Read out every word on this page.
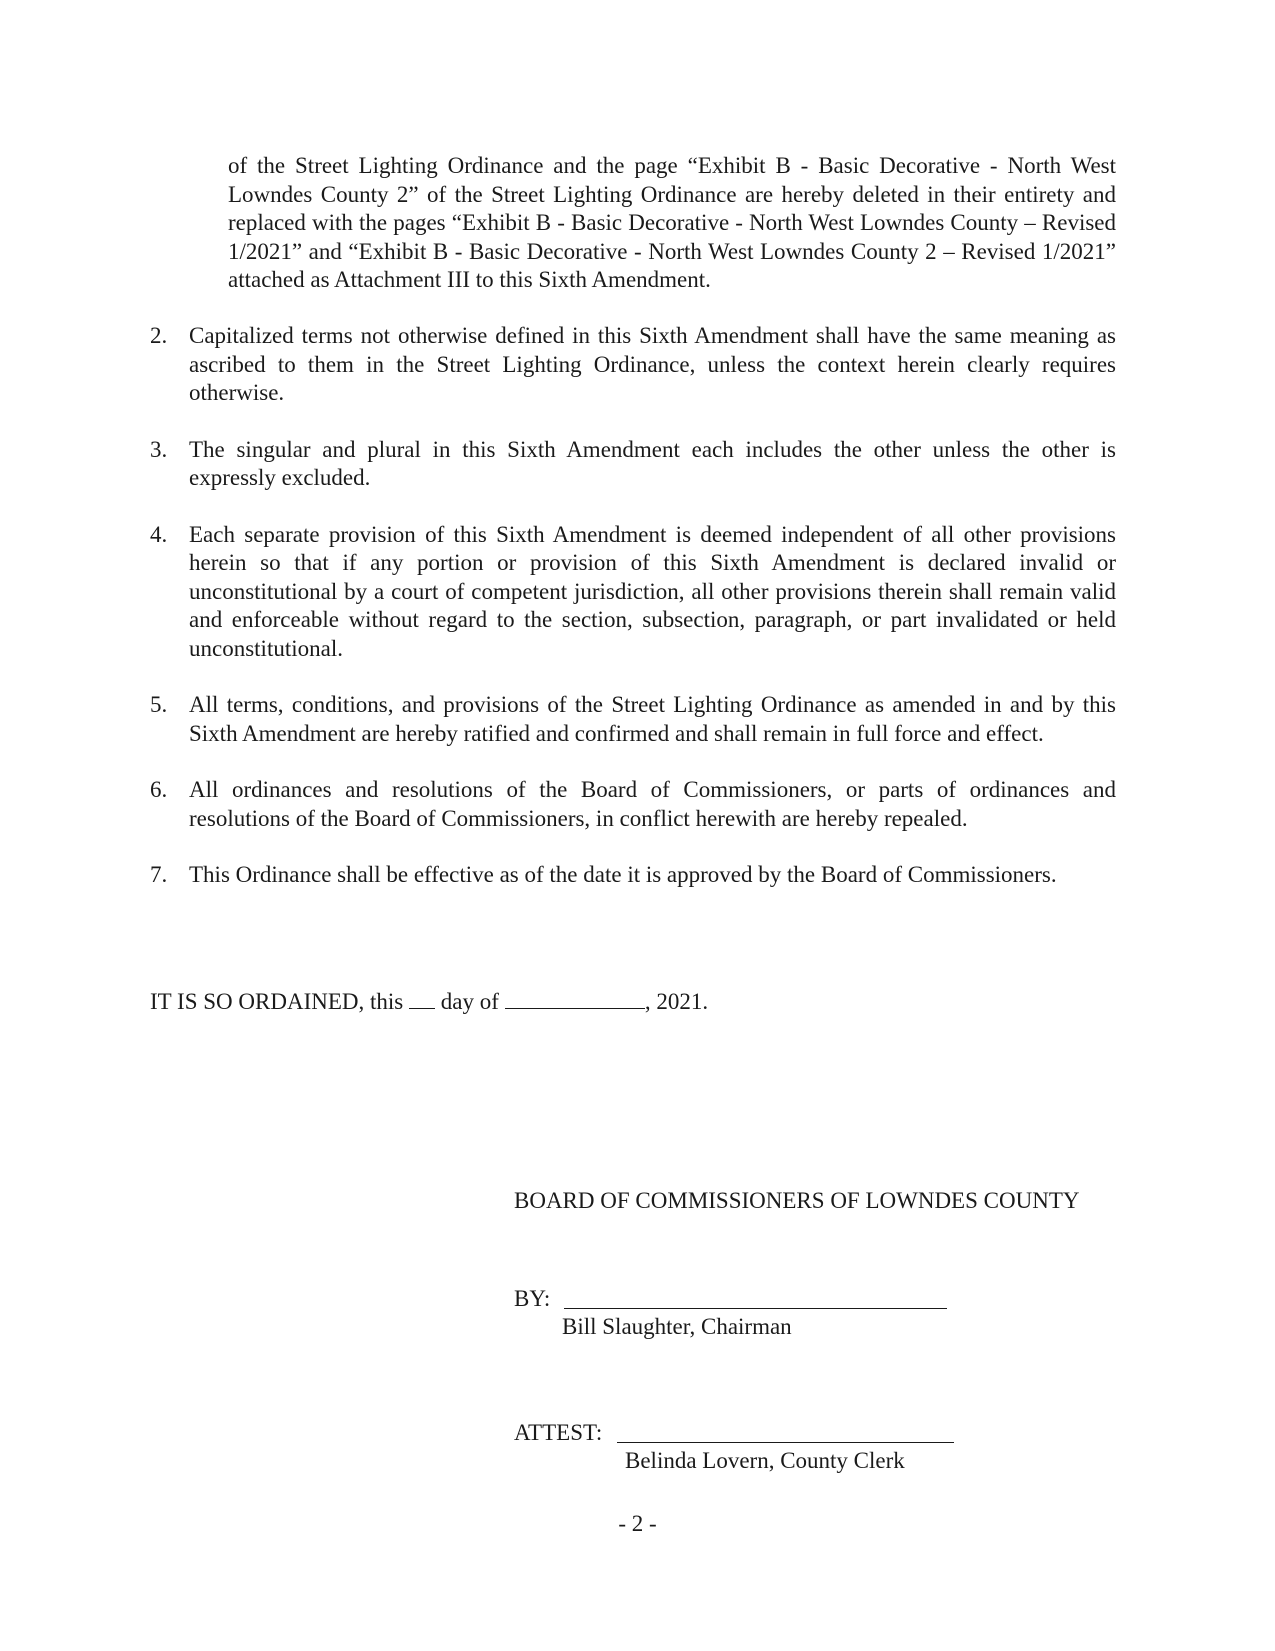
of the Street Lighting Ordinance and the page “Exhibit B - Basic Decorative - North West Lowndes County 2” of the Street Lighting Ordinance are hereby deleted in their entirety and replaced with the pages “Exhibit B - Basic Decorative - North West Lowndes County – Revised 1/2021” and “Exhibit B - Basic Decorative - North West Lowndes County 2 – Revised 1/2021” attached as Attachment III to this Sixth Amendment.

2. Capitalized terms not otherwise defined in this Sixth Amendment shall have the same meaning as ascribed to them in the Street Lighting Ordinance, unless the context herein clearly requires otherwise.
3. The singular and plural in this Sixth Amendment each includes the other unless the other is expressly excluded.
4. Each separate provision of this Sixth Amendment is deemed independent of all other provisions herein so that if any portion or provision of this Sixth Amendment is declared invalid or unconstitutional by a court of competent jurisdiction, all other provisions therein shall remain valid and enforceable without regard to the section, subsection, paragraph, or part invalidated or held unconstitutional.
5. All terms, conditions, and provisions of the Street Lighting Ordinance as amended in and by this Sixth Amendment are hereby ratified and confirmed and shall remain in full force and effect.
6. All ordinances and resolutions of the Board of Commissioners, or parts of ordinances and resolutions of the Board of Commissioners, in conflict herewith are hereby repealed.
7. This Ordinance shall be effective as of the date it is approved by the Board of Commissioners.
IT IS SO ORDAINED, this day of	, 2021.
BOARD OF COMMISSIONERS OF LOWNDES COUNTY
BY:
Bill Slaughter, Chairman
ATTEST:
Belinda Lovern, County Clerk
- 2 -
